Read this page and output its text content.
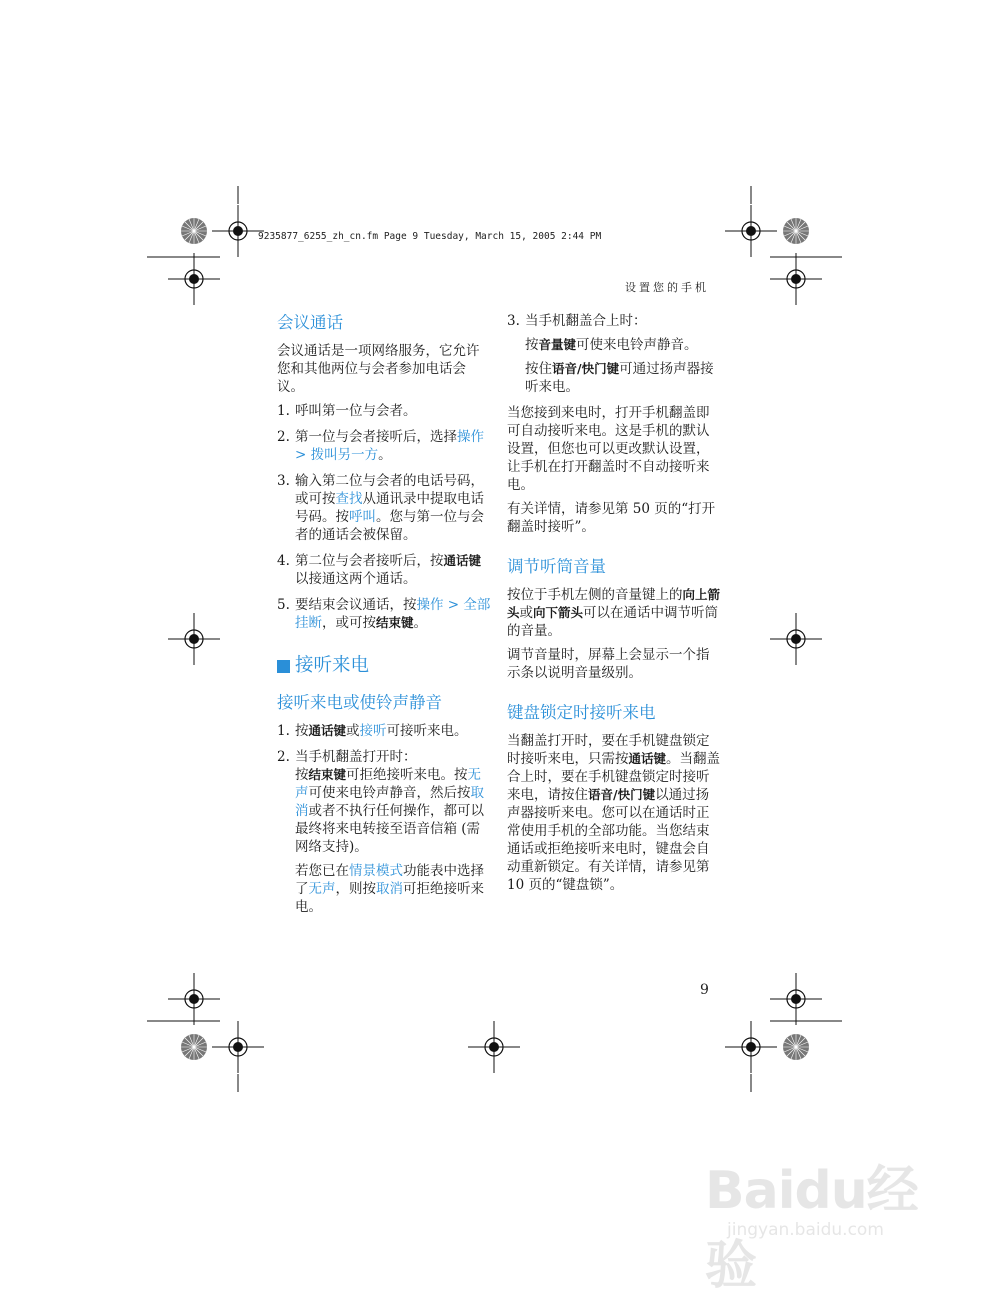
9235877_6255_zh_cn.fm Page 9 Tuesday, March 15, 2005 2:44 PM
设置您的手机
会议通话

会议通话是一项网络服务，它允许您和其他两位与会者参加电话会议。

1. 呼叫第一位与会者。
2. 第一位与会者接听后，选择操作 > 拨叫另一方。
3. 输入第二位与会者的电话号码，或可按查找从通讯录中提取电话号码。按呼叫。您与第一位与会者的通话会被保留。
4. 第二位与会者接听后，按通话键以接通这两个通话。
5. 要结束会议通话，按操作 > 全部挂断，或可按结束键。
接听来电
接听来电或使铃声静音
1. 按通话键或接听可接听来电。
2. 当手机翻盖打开时：
按结束键可拒绝接听来电。按无声可使来电铃声静音，然后按取消或者不执行任何操作，都可以最终将来电转接至语音信箱 (需网络支持)。
若您已在情景模式功能表中选择了无声，则按取消可拒绝接听来电。
3. 当手机翻盖合上时：
按音量键可使来电铃声静音。
按住语音/快门键可通过扬声器接听来电。

当您接到来电时，打开手机翻盖即可自动接听来电。这是手机的默认设置，但您也可以更改默认设置，让手机在打开翻盖时不自动接听来电。

有关详情，请参见第 50 页的“打开翻盖时接听”。

调节听筒音量

按位于手机左侧的音量键上的向上箭头或向下箭头可以在通话中调节听筒的音量。

调节音量时，屏幕上会显示一个指示条以说明音量级别。

键盘锁定时接听来电

当翻盖打开时，要在手机键盘锁定时接听来电，只需按通话键。当翻盖合上时，要在手机键盘锁定时接听来电，请按住语音/快门键以通过扬声器接听来电。您可以在通话时正常使用手机的全部功能。当您结束通话或拒绝接听来电时，键盘会自动重新锁定。有关详情，请参见第 10 页的“键盘锁”。

9
Baidu经验
jingyan.baidu.com
